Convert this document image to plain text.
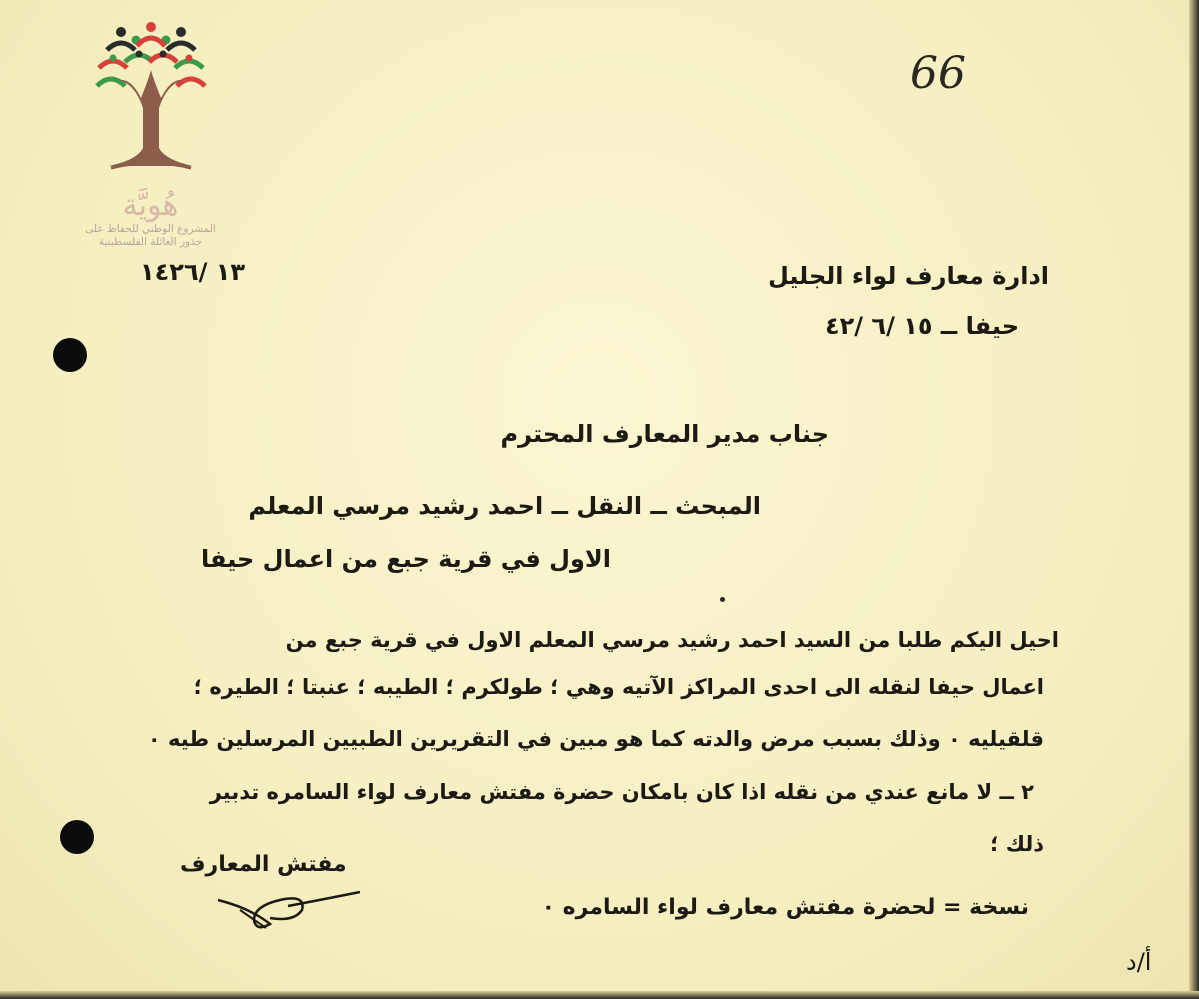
هُويَّة
المشروع الوطني للحفاظ على
جذور العائلة الفلسطينية
66
١٣ /١٤٢٦	ادارة معارف لواء الجليل
حيفا ــ ١٥ /٦ /٤٢
جناب مدير المعارف المحترم
المبحث ــ النقل ــ احمد رشيد مرسي المعلم
الاول في قرية جبع من اعمال حيفا
احيل اليكم طلبا من السيد احمد رشيد مرسي المعلم الاول في قرية جبع من
اعمال حيفا لنقله الى احدى المراكز الآتيه وهي ؛ طولكرم ؛ الطيبه ؛ عنبتا ؛ الطيره ؛
قلقيليه ٠ وذلك بسبب مرض والدته كما هو مبين في التقريرين الطبيين المرسلين طيه ٠
٢ ــ لا مانع عندي من نقله اذا كان بامكان حضرة مفتش معارف لواء السامره تدبير
ذلك ؛
مفتش المعارف
نسخة = لحضرة مفتش معارف لواء السامره ٠
أ/د
